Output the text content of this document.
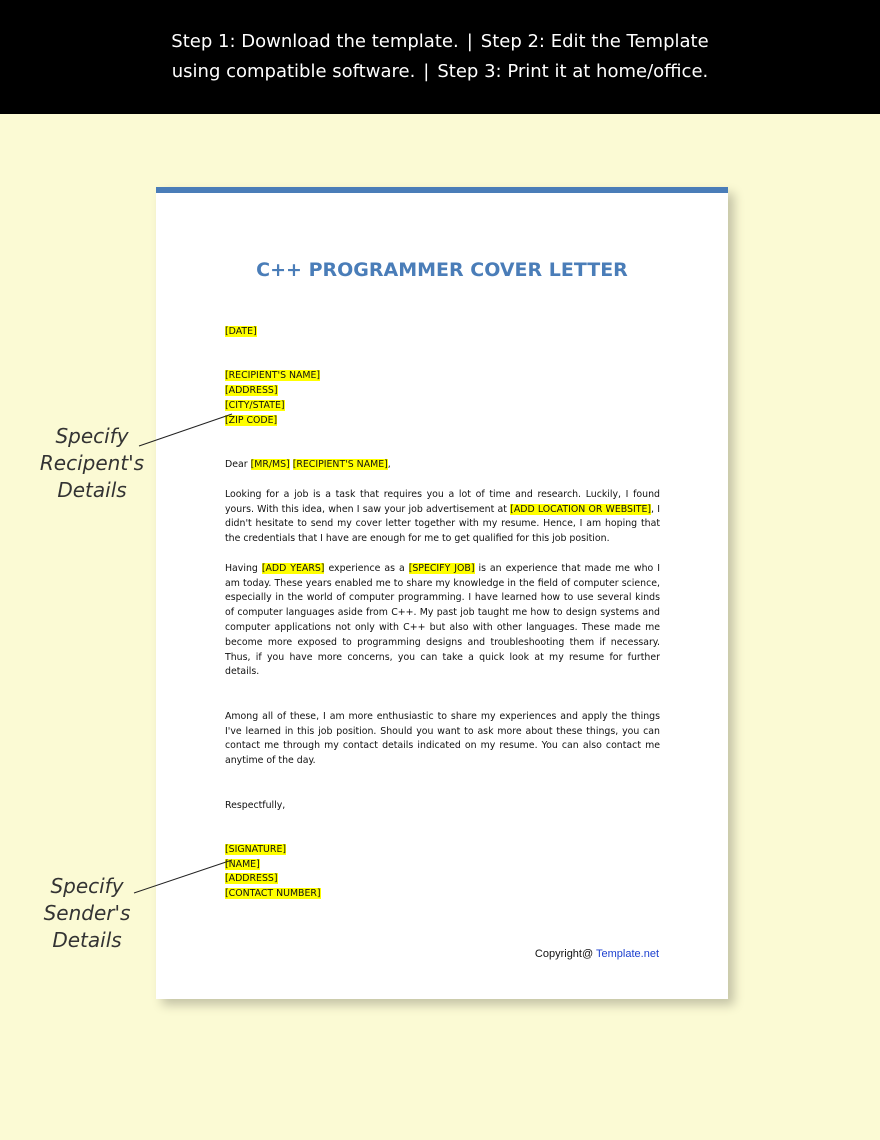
Step 1: Download the template. | Step 2: Edit the Template
using compatible software. | Step 3: Print it at home/office.
C++ PROGRAMMER COVER LETTER

[DATE]

[RECIPIENT'S NAME]

[ADDRESS]

[CITY/STATE]

[ZIP CODE]

Dear [MR/MS] [RECIPIENT'S NAME],

Looking for a job is a task that requires you a lot of time and research. Luckily, I found yours. With this idea, when I saw your job advertisement at [ADD LOCATION OR WEBSITE], I didn't hesitate to send my cover letter together with my resume. Hence, I am hoping that the credentials that I have are enough for me to get qualified for this job position.

Having [ADD YEARS] experience as a [SPECIFY JOB] is an experience that made me who I am today. These years enabled me to share my knowledge in the field of computer science, especially in the world of computer programming. I have learned how to use several kinds of computer languages aside from C++. My past job taught me how to design systems and computer applications not only with C++ but also with other languages. These made me become more exposed to programming designs and troubleshooting them if necessary. Thus, if you have more concerns, you can take a quick look at my resume for further details.

Among all of these, I am more enthusiastic to share my experiences and apply the things I've learned in this job position. Should you want to ask more about these things, you can contact me through my contact details indicated on my resume. You can also contact me anytime of the day.

Respectfully,

[SIGNATURE]

[NAME]

[ADDRESS]

[CONTACT NUMBER]

Copyright@ Template.net
Specify
Recipent's
Details
Specify
Sender's
Details
